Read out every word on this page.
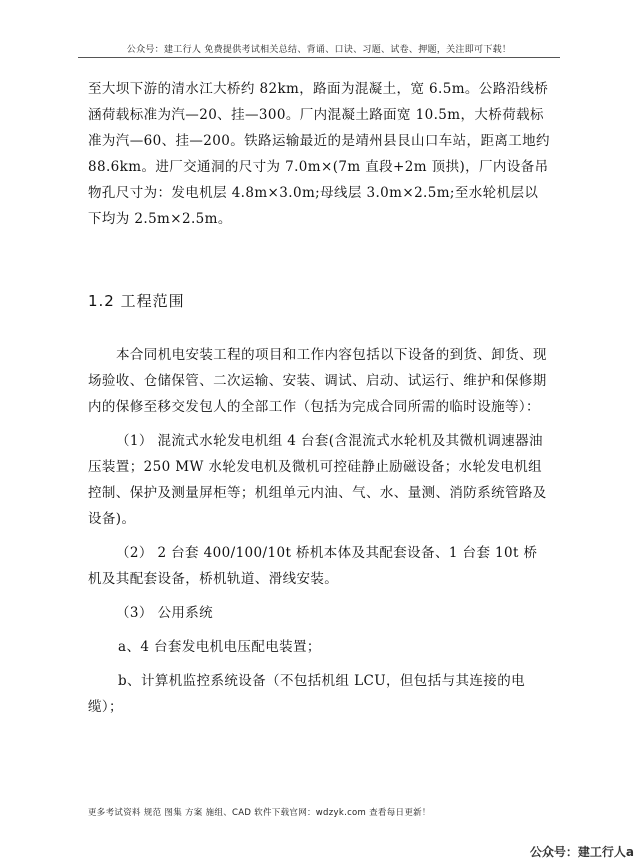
公众号：建工行人 免费提供考试相关总结、背诵、口诀、习题、试卷、押题，关注即可下载！

至大坝下游的清水江大桥约 82km，路面为混凝土，宽 6.5m。公路沿线桥涵荷载标准为汽—20、挂—300。厂内混凝土路面宽 10.5m，大桥荷载标准为汽—60、挂—200。铁路运输最近的是靖州县艮山口车站，距离工地约 88.6km。进厂交通洞的尺寸为 7.0m×(7m 直段+2m 顶拱)，厂内设备吊物孔尺寸为：发电机层 4.8m×3.0m;母线层 3.0m×2.5m;至水轮机层以下均为 2.5m×2.5m。

1.2 工程范围

本合同机电安装工程的项目和工作内容包括以下设备的到货、卸货、现场验收、仓储保管、二次运输、安装、调试、启动、试运行、维护和保修期内的保修至移交发包人的全部工作（包括为完成合同所需的临时设施等）：

（1） 混流式水轮发电机组 4 台套(含混流式水轮机及其微机调速器油压装置；250 MW 水轮发电机及微机可控硅静止励磁设备；水轮发电机组控制、保护及测量屏柜等；机组单元内油、气、水、量测、消防系统管路及设备)。

（2） 2 台套 400/100/10t 桥机本体及其配套设备、1 台套 10t 桥机及其配套设备，桥机轨道、滑线安装。

（3） 公用系统

a、4 台套发电机电压配电装置；

b、计算机监控系统设备（不包括机组 LCU，但包括与其连接的电缆）；

更多考试资料 规范 图集 方案 施组、CAD 软件下载官网：wdzyk.com 查看每日更新！
公众号：建工行人a
